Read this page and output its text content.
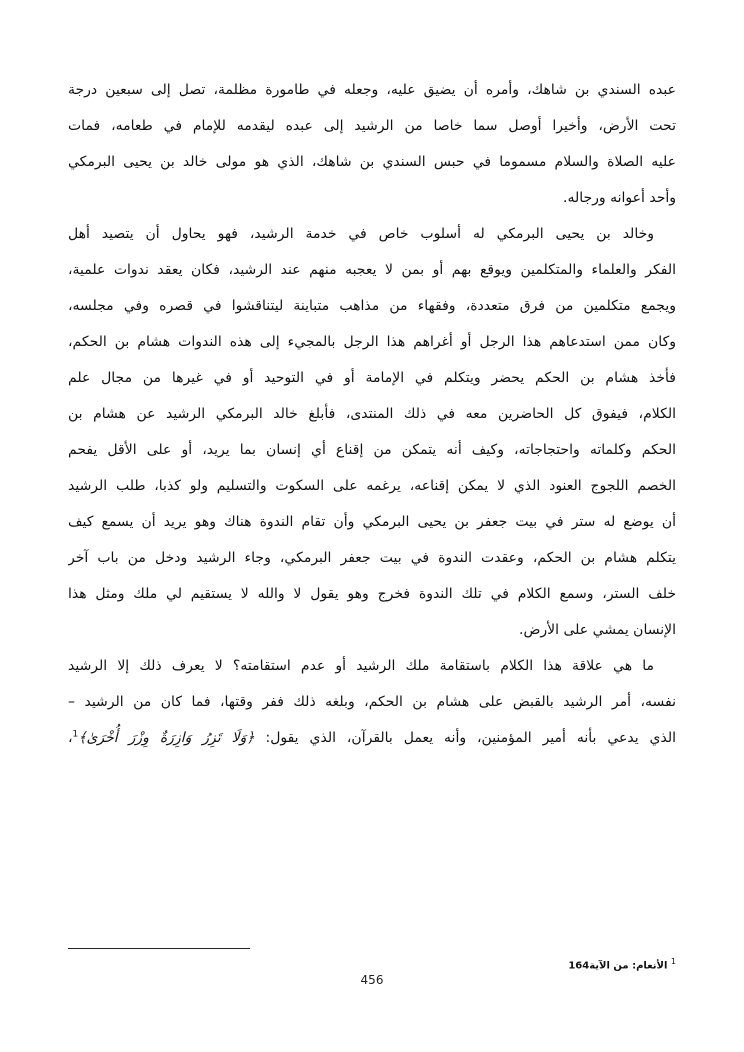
عبده السندي بن شاهك، وأمره أن يضيق عليه، وجعله في طامورة مظلمة، تصل إلى سبعين درجة
تحت الأرض، وأخيرا أوصل سما خاصا من الرشيد إلى عبده ليقدمه للإمام في طعامه، فمات
عليه الصلاة والسلام مسموما في حبس السندي بن شاهك، الذي هو مولى خالد بن يحيى البرمكي
وأحد أعوانه ورجاله.
وخالد بن يحيى البرمكي له أسلوب خاص في خدمة الرشيد، فهو يحاول أن يتصيد أهل
الفكر والعلماء والمتكلمين ويوقع بهم أو بمن لا يعجبه منهم عند الرشيد، فكان يعقد ندوات علمية،
ويجمع متكلمين من فرق متعددة، وفقهاء من مذاهب متباينة ليتناقشوا في قصره وفي مجلسه،
وكان ممن استدعاهم هذا الرجل أو أغراهم هذا الرجل بالمجيء إلى هذه الندوات هشام بن الحكم،
فأخذ هشام بن الحكم يحضر ويتكلم في الإمامة أو في التوحيد أو في غيرها من مجال علم
الكلام، فيفوق كل الحاضرين معه في ذلك المنتدى، فأبلغ خالد البرمكي الرشيد عن هشام بن
الحكم وكلماته واحتجاجاته، وكيف أنه يتمكن من إقناع أي إنسان بما يريد، أو على الأقل يفحم
الخصم اللجوج العنود الذي لا يمكن إقناعه، يرغمه على السكوت والتسليم ولو كذبا، طلب الرشيد
أن يوضع له ستر في بيت جعفر بن يحيى البرمكي وأن تقام الندوة هناك وهو يريد أن يسمع كيف
يتكلم هشام بن الحكم، وعقدت الندوة في بيت جعفر البرمكي، وجاء الرشيد ودخل من باب آخر
خلف الستر، وسمع الكلام في تلك الندوة فخرج وهو يقول لا والله لا يستقيم لي ملك ومثل هذا
الإنسان يمشي على الأرض.
ما هي علاقة هذا الكلام باستقامة ملك الرشيد أو عدم استقامته؟ لا يعرف ذلك إلا الرشيد
نفسه، أمر الرشيد بالقبض على هشام بن الحكم، وبلغه ذلك ففر وقتها، فما كان من الرشيد –
الذي يدعي بأنه أمير المؤمنين، وأنه يعمل بالقرآن، الذي يقول: ﴿وَلَا تَزِرُ وَازِرَةٌ وِزْرَ أُخْرَىٰ﴾$^1$،
$^1$ الأنعام: من الآية164
456
